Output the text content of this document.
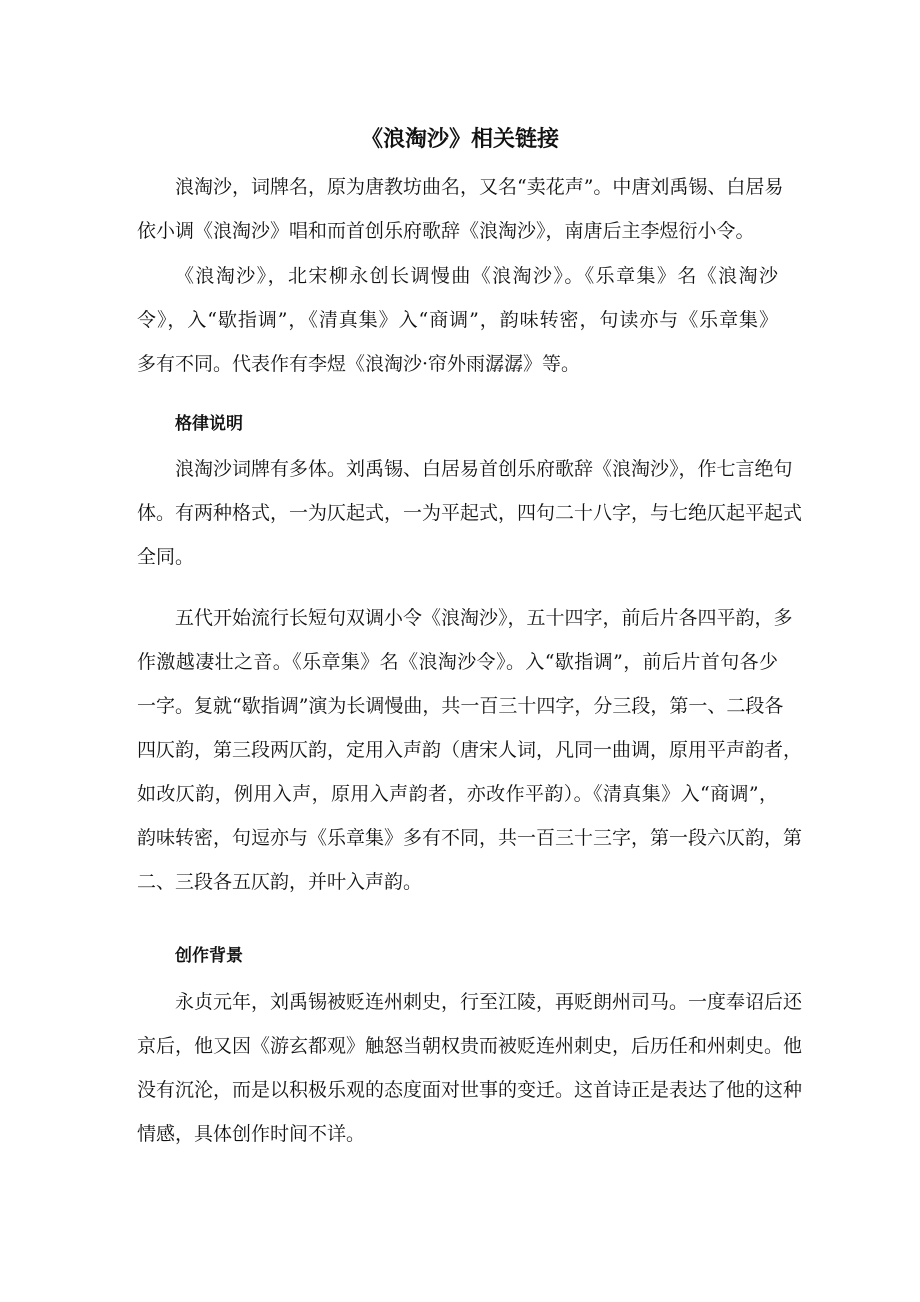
《浪淘沙》相关链接
浪淘沙，词牌名，原为唐教坊曲名，又名“卖花声”。中唐刘禹锡、白居易
依小调《浪淘沙》唱和而首创乐府歌辞《浪淘沙》，南唐后主李煜衍小令。
《浪淘沙》，北宋柳永创长调慢曲《浪淘沙》。《乐章集》名《浪淘沙
令》，入“歇指调”，《清真集》入“商调”，韵味转密，句读亦与《乐章集》
多有不同。代表作有李煜《浪淘沙·帘外雨潺潺》等。
格律说明
浪淘沙词牌有多体。刘禹锡、白居易首创乐府歌辞《浪淘沙》，作七言绝句
体。有两种格式，一为仄起式，一为平起式，四句二十八字，与七绝仄起平起式
全同。
五代开始流行长短句双调小令《浪淘沙》，五十四字，前后片各四平韵，多
作激越凄壮之音。《乐章集》名《浪淘沙令》。入“歇指调”，前后片首句各少
一字。复就“歇指调”演为长调慢曲，共一百三十四字，分三段，第一、二段各
四仄韵，第三段两仄韵，定用入声韵（唐宋人词，凡同一曲调，原用平声韵者，
如改仄韵，例用入声，原用入声韵者，亦改作平韵）。《清真集》入“商调”，
韵味转密，句逗亦与《乐章集》多有不同，共一百三十三字，第一段六仄韵，第
二、三段各五仄韵，并叶入声韵。
创作背景
永贞元年，刘禹锡被贬连州刺史，行至江陵，再贬朗州司马。一度奉诏后还
京后，他又因《游玄都观》触怒当朝权贵而被贬连州刺史，后历任和州刺史。他
没有沉沦，而是以积极乐观的态度面对世事的变迁。这首诗正是表达了他的这种
情感，具体创作时间不详。
